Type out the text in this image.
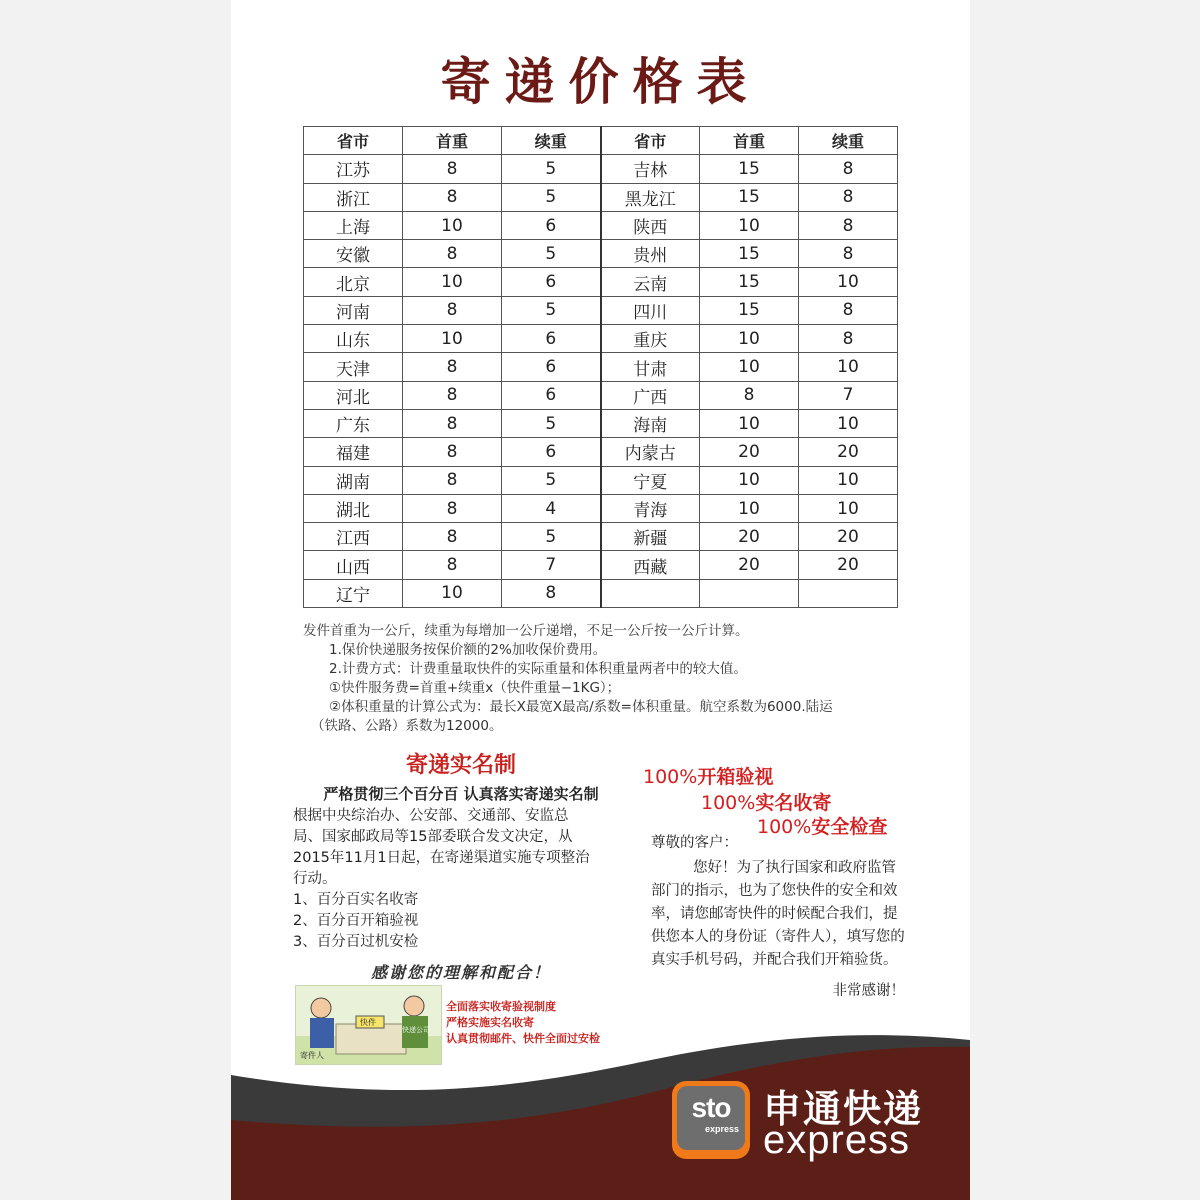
寄递价格表
省市	首重	续重	省市	首重	续重
江苏	8	5	吉林	15	8
浙江	8	5	黑龙江	15	8
上海	10	6	陕西	10	8
安徽	8	5	贵州	15	8
北京	10	6	云南	15	10
河南	8	5	四川	15	8
山东	10	6	重庆	10	8
天津	8	6	甘肃	10	10
河北	8	6	广西	8	7
广东	8	5	海南	10	10
福建	8	6	内蒙古	20	20
湖南	8	5	宁夏	10	10
湖北	8	4	青海	10	10
江西	8	5	新疆	20	20
山西	8	7	西藏	20	20
辽宁	10	8			
发件首重为一公斤，续重为每增加一公斤递增，不足一公斤按一公斤计算。
1.保价快递服务按保价额的2%加收保价费用。
2.计费方式：计费重量取快件的实际重量和体积重量两者中的较大值。
①快件服务费=首重+续重x（快件重量−1KG）；
②体积重量的计算公式为：最长X最宽X最高/系数=体积重量。航空系数为6000.陆运
（铁路、公路）系数为12000。
寄递实名制
严格贯彻三个百分百 认真落实寄递实名制
根据中央综治办、公安部、交通部、安监总局、国家邮政局等15部委联合发文决定，从2015年11月1日起，在寄递渠道实施专项整治行动。
1、百分百实名收寄
2、百分百开箱验视
3、百分百过机安检
感谢您的理解和配合！
寄件人
快件
快递公司
全面落实收寄验视制度
严格实施实名收寄
认真贯彻邮件、快件全面过安检
100%开箱验视
100%实名收寄
100%安全检查
尊敬的客户：
您好！为了执行国家和政府监管部门的指示，也为了您快件的安全和效率，请您邮寄快件的时候配合我们，提供您本人的身份证（寄件人），填写您的真实手机号码，并配合我们开箱验货。
非常感谢！
sto
express 申通快递
express
